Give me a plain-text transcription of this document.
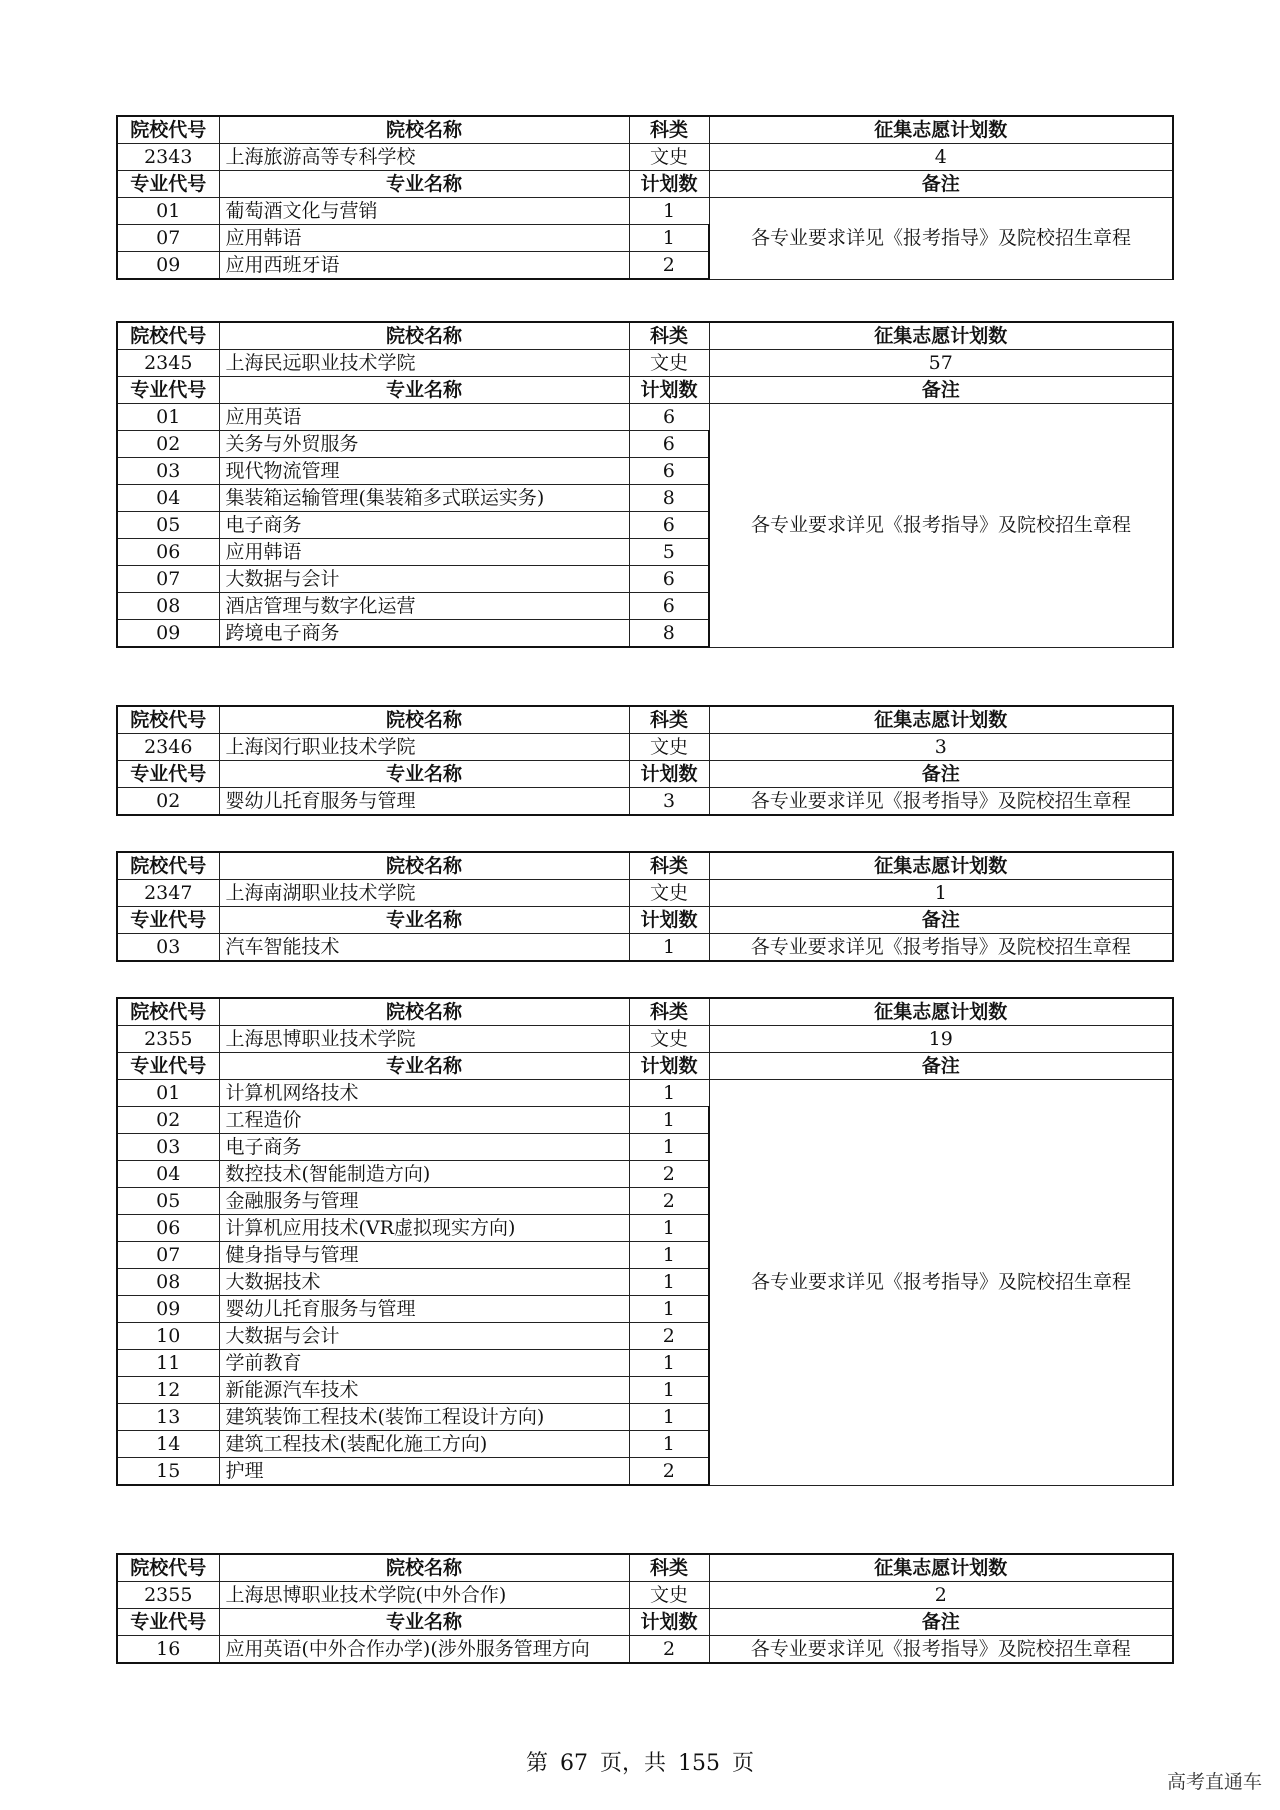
院校代号	院校名称	科类	征集志愿计划数
2343	上海旅游高等专科学校	文史	4
专业代号	专业名称	计划数	备注
01	葡萄酒文化与营销	1	各专业要求详见《报考指导》及院校招生章程
07	应用韩语	1	
09	应用西班牙语	2	
院校代号	院校名称	科类	征集志愿计划数
2345	上海民远职业技术学院	文史	57
专业代号	专业名称	计划数	备注
01	应用英语	6	各专业要求详见《报考指导》及院校招生章程
02	关务与外贸服务	6	
03	现代物流管理	6	
04	集装箱运输管理(集装箱多式联运实务)	8	
05	电子商务	6	
06	应用韩语	5	
07	大数据与会计	6	
08	酒店管理与数字化运营	6	
09	跨境电子商务	8	
院校代号	院校名称	科类	征集志愿计划数
2346	上海闵行职业技术学院	文史	3
专业代号	专业名称	计划数	备注
02	婴幼儿托育服务与管理	3	各专业要求详见《报考指导》及院校招生章程
院校代号	院校名称	科类	征集志愿计划数
2347	上海南湖职业技术学院	文史	1
专业代号	专业名称	计划数	备注
03	汽车智能技术	1	各专业要求详见《报考指导》及院校招生章程
院校代号	院校名称	科类	征集志愿计划数
2355	上海思博职业技术学院	文史	19
专业代号	专业名称	计划数	备注
01	计算机网络技术	1	各专业要求详见《报考指导》及院校招生章程
02	工程造价	1	
03	电子商务	1	
04	数控技术(智能制造方向)	2	
05	金融服务与管理	2	
06	计算机应用技术(VR虚拟现实方向)	1	
07	健身指导与管理	1	
08	大数据技术	1	
09	婴幼儿托育服务与管理	1	
10	大数据与会计	2	
11	学前教育	1	
12	新能源汽车技术	1	
13	建筑装饰工程技术(装饰工程设计方向)	1	
14	建筑工程技术(装配化施工方向)	1	
15	护理	2	
院校代号	院校名称	科类	征集志愿计划数
2355	上海思博职业技术学院(中外合作)	文史	2
专业代号	专业名称	计划数	备注
16	应用英语(中外合作办学)(涉外服务管理方向	2	各专业要求详见《报考指导》及院校招生章程
第 67 页，共 155 页
高考直通车
